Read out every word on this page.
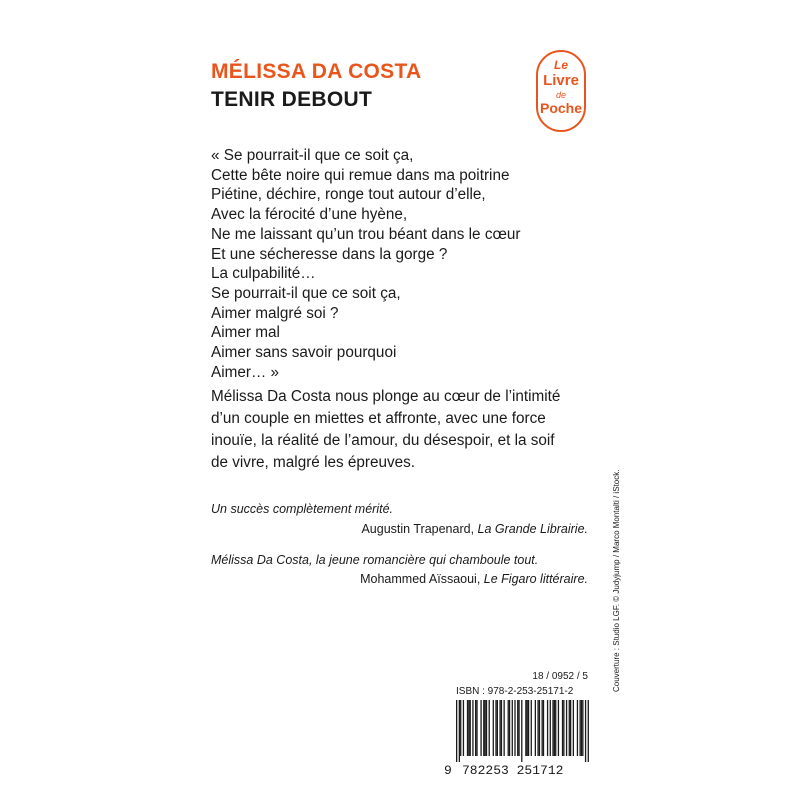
MÉLISSA DA COSTA
TENIR DEBOUT
Le
Livre
de
Poche
« Se pourrait-il que ce soit ça,
Cette bête noire qui remue dans ma poitrine
Piétine, déchire, ronge tout autour d’elle,
Avec la férocité d’une hyène,
Ne me laissant qu’un trou béant dans le cœur
Et une sécheresse dans la gorge ?
La culpabilité…
Se pourrait-il que ce soit ça,
Aimer malgré soi ?
Aimer mal
Aimer sans savoir pourquoi
Aimer… »
Mélissa Da Costa nous plonge au cœur de l’intimité
d’un couple en miettes et affronte, avec une force
inouïe, la réalité de l’amour, du désespoir, et la soif
de vivre, malgré les épreuves.
Un succès complètement mérité.
Augustin Trapenard, La Grande Librairie.
Mélissa Da Costa, la jeune romancière qui chamboule tout.
Mohammed Aïssaoui, Le Figaro littéraire.	Couverture : Studio LGF. © Judyjump / Marco Montalti / iStock.
18 / 0952 / 5
ISBN : 978-2-253-25171-2
9 782253 251712
